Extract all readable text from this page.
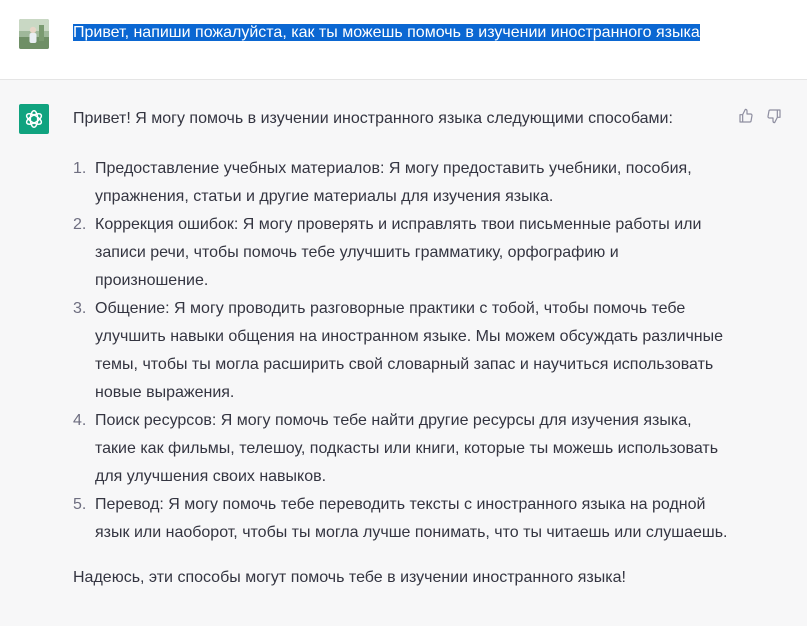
Привет, напиши пожалуйста, как ты можешь помочь в изучении иностранного языка
Привет! Я могу помочь в изучении иностранного языка следующими способами:
1. Предоставление учебных материалов: Я могу предоставить учебники, пособия, упражнения, статьи и другие материалы для изучения языка.
2. Коррекция ошибок: Я могу проверять и исправлять твои письменные работы или записи речи, чтобы помочь тебе улучшить грамматику, орфографию и произношение.
3. Общение: Я могу проводить разговорные практики с тобой, чтобы помочь тебе улучшить навыки общения на иностранном языке. Мы можем обсуждать различные темы, чтобы ты могла расширить свой словарный запас и научиться использовать новые выражения.
4. Поиск ресурсов: Я могу помочь тебе найти другие ресурсы для изучения языка, такие как фильмы, телешоу, подкасты или книги, которые ты можешь использовать для улучшения своих навыков.
5. Перевод: Я могу помочь тебе переводить тексты с иностранного языка на родной язык или наоборот, чтобы ты могла лучше понимать, что ты читаешь или слушаешь.
Надеюсь, эти способы могут помочь тебе в изучении иностранного языка!
